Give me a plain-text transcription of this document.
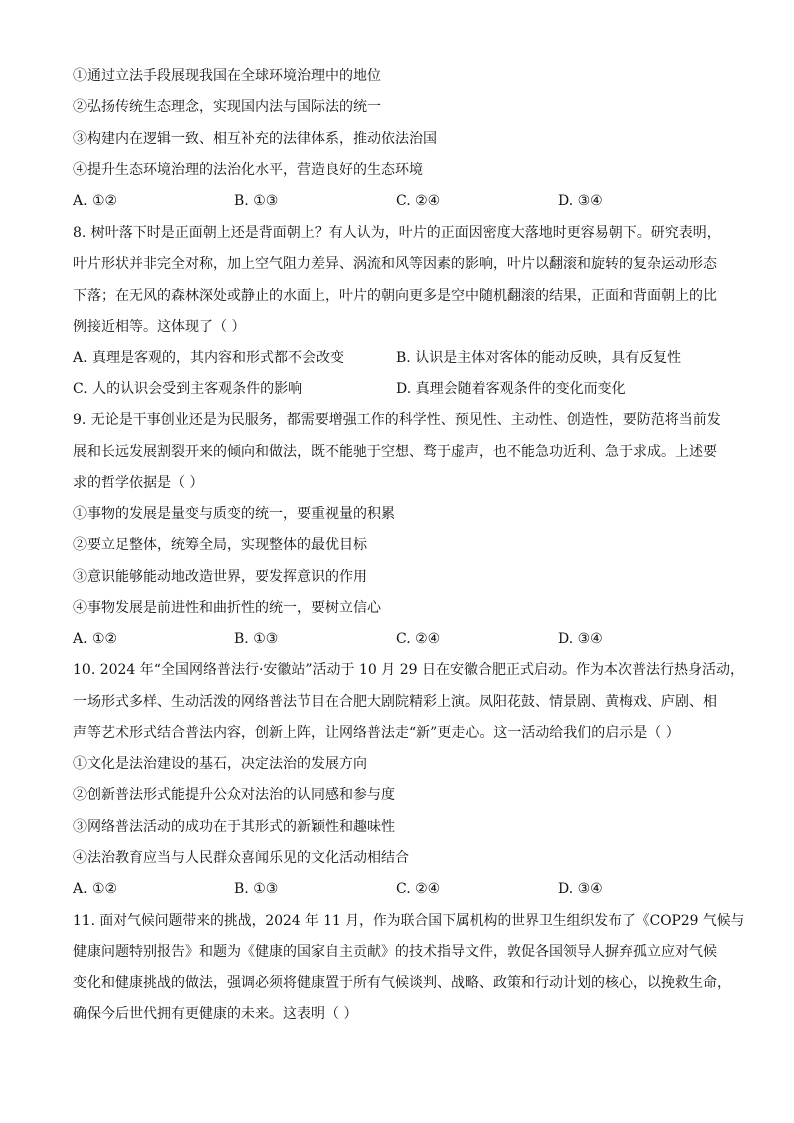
①通过立法手段展现我国在全球环境治理中的地位
②弘扬传统生态理念，实现国内法与国际法的统一
③构建内在逻辑一致、相互补充的法律体系，推动依法治国
④提升生态环境治理的法治化水平，营造良好的生态环境
A. ①②	B. ①③	C. ②④	D. ③④
8. 树叶落下时是正面朝上还是背面朝上？有人认为，叶片的正面因密度大落地时更容易朝下。研究表明，
叶片形状并非完全对称，加上空气阻力差异、涡流和风等因素的影响，叶片以翻滚和旋转的复杂运动形态
下落；在无风的森林深处或静止的水面上，叶片的朝向更多是空中随机翻滚的结果，正面和背面朝上的比
例接近相等。这体现了（ ）
A. 真理是客观的，其内容和形式都不会改变	B. 认识是主体对客体的能动反映，具有反复性
C. 人的认识会受到主客观条件的影响	D. 真理会随着客观条件的变化而变化
9. 无论是干事创业还是为民服务，都需要增强工作的科学性、预见性、主动性、创造性，要防范将当前发
展和长远发展割裂开来的倾向和做法，既不能驰于空想、骛于虚声，也不能急功近利、急于求成。上述要
求的哲学依据是（ ）
①事物的发展是量变与质变的统一，要重视量的积累
②要立足整体，统筹全局，实现整体的最优目标
③意识能够能动地改造世界，要发挥意识的作用
④事物发展是前进性和曲折性的统一，要树立信心
A. ①②	B. ①③	C. ②④	D. ③④
10. 2024 年“全国网络普法行·安徽站”活动于 10 月 29 日在安徽合肥正式启动。作为本次普法行热身活动，
一场形式多样、生动活泼的网络普法节目在合肥大剧院精彩上演。凤阳花鼓、情景剧、黄梅戏、庐剧、相
声等艺术形式结合普法内容，创新上阵，让网络普法走“新”更走心。这一活动给我们的启示是（ ）
①文化是法治建设的基石，决定法治的发展方向
②创新普法形式能提升公众对法治的认同感和参与度
③网络普法活动的成功在于其形式的新颖性和趣味性
④法治教育应当与人民群众喜闻乐见的文化活动相结合
A. ①②	B. ①③	C. ②④	D. ③④
11. 面对气候问题带来的挑战，2024 年 11 月，作为联合国下属机构的世界卫生组织发布了《COP29 气候与
健康问题特别报告》和题为《健康的国家自主贡献》的技术指导文件，敦促各国领导人摒弃孤立应对气候
变化和健康挑战的做法，强调必须将健康置于所有气候谈判、战略、政策和行动计划的核心，以挽救生命，
确保今后世代拥有更健康的未来。这表明（ ）
